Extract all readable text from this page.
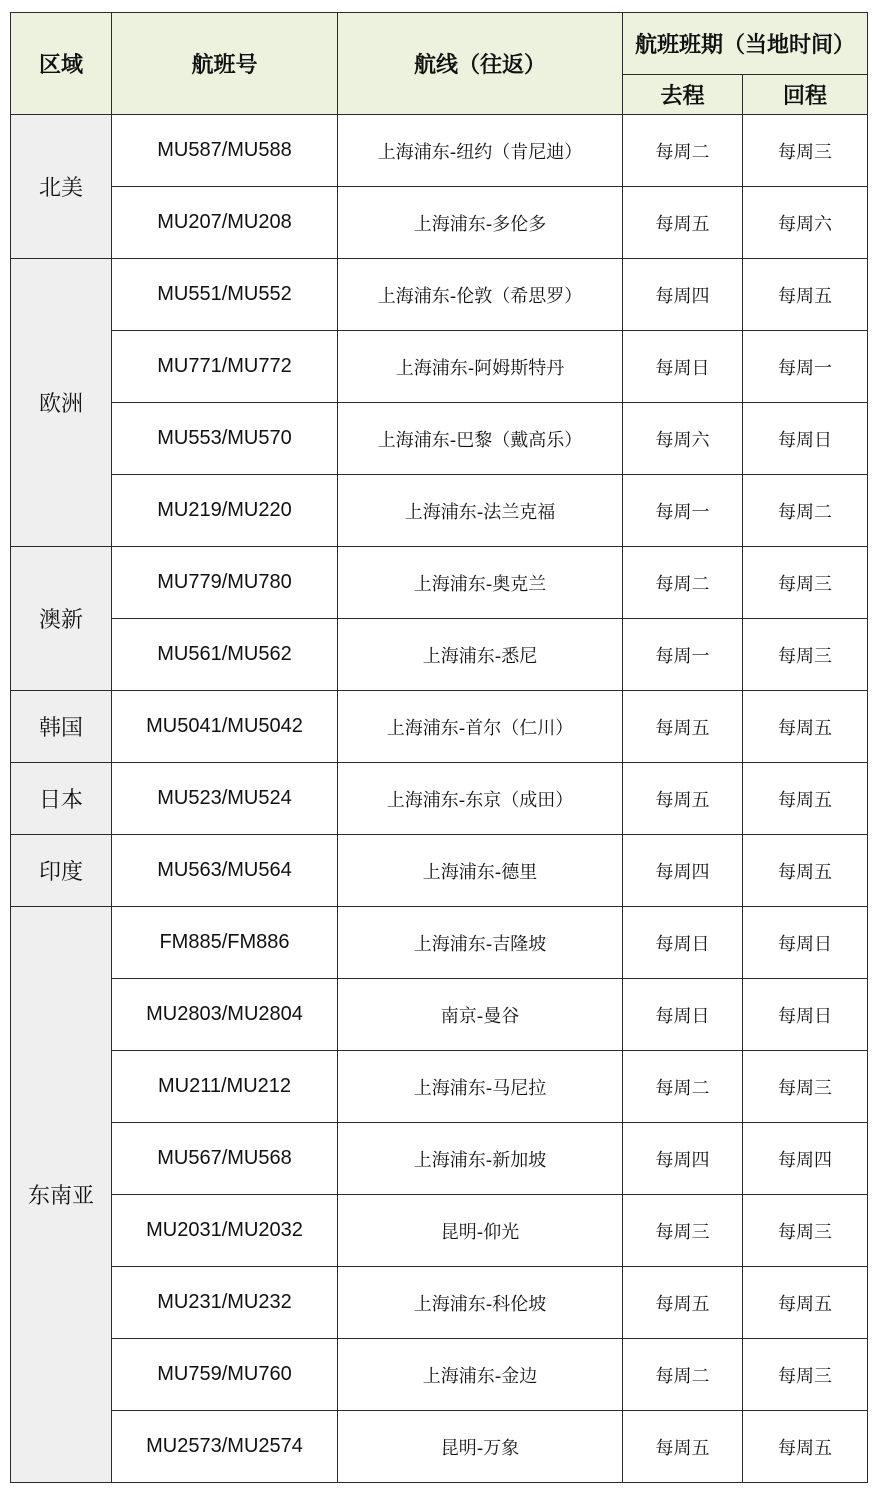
区域	航班号	航线（往返）	航班班期（当地时间）	
			去程	回程
北美	MU587/MU588	上海浦东-纽约（肯尼迪）	每周二	每周三
	MU207/MU208	上海浦东-多伦多	每周五	每周六
欧洲	MU551/MU552	上海浦东-伦敦（希思罗）	每周四	每周五
	MU771/MU772	上海浦东-阿姆斯特丹	每周日	每周一
	MU553/MU570	上海浦东-巴黎（戴高乐）	每周六	每周日
	MU219/MU220	上海浦东-法兰克福	每周一	每周二
澳新	MU779/MU780	上海浦东-奥克兰	每周二	每周三
	MU561/MU562	上海浦东-悉尼	每周一	每周三
韩国	MU5041/MU5042	上海浦东-首尔（仁川）	每周五	每周五
日本	MU523/MU524	上海浦东-东京（成田）	每周五	每周五
印度	MU563/MU564	上海浦东-德里	每周四	每周五
东南亚	FM885/FM886	上海浦东-吉隆坡	每周日	每周日
	MU2803/MU2804	南京-曼谷	每周日	每周日
	MU211/MU212	上海浦东-马尼拉	每周二	每周三
	MU567/MU568	上海浦东-新加坡	每周四	每周四
	MU2031/MU2032	昆明-仰光	每周三	每周三
	MU231/MU232	上海浦东-科伦坡	每周五	每周五
	MU759/MU760	上海浦东-金边	每周二	每周三
	MU2573/MU2574	昆明-万象	每周五	每周五
